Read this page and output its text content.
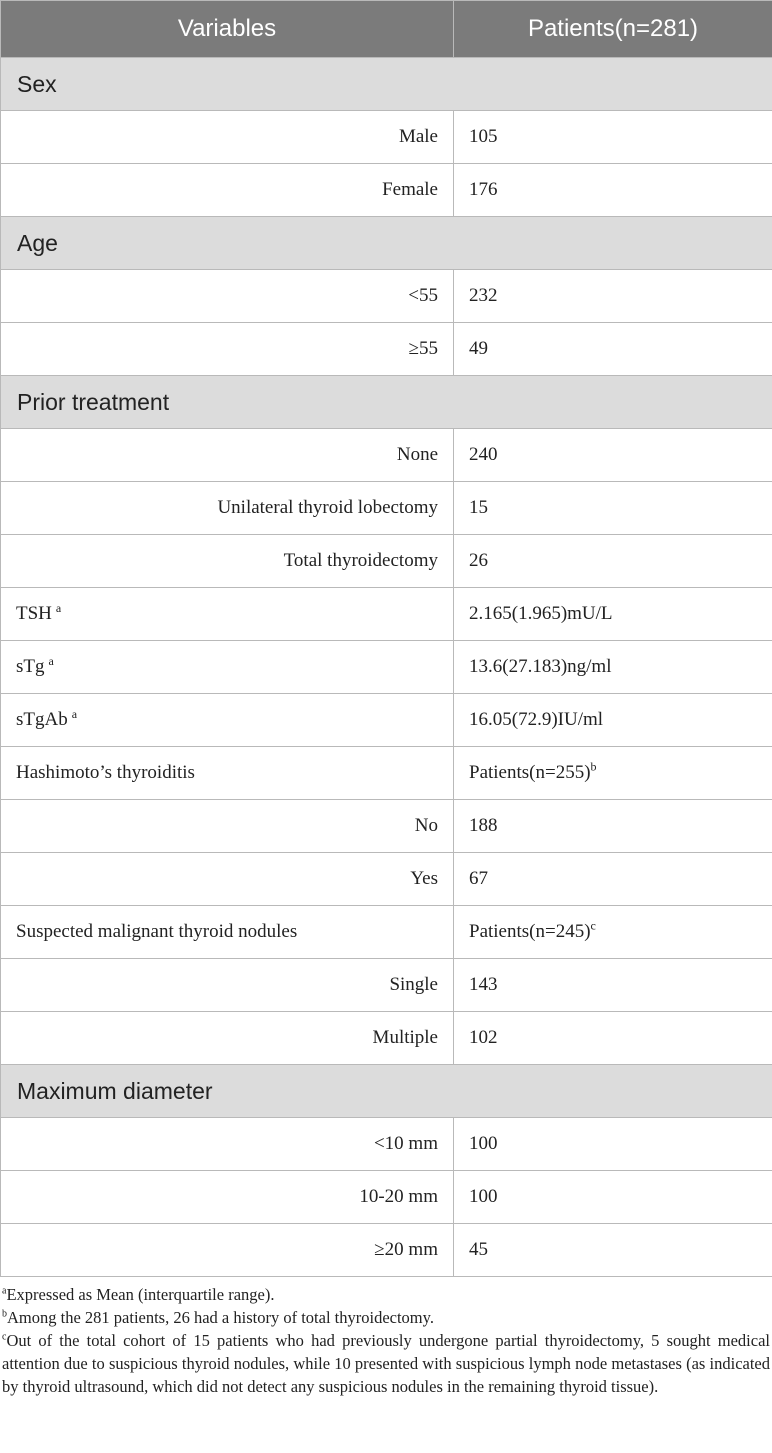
Variables	Patients(n=281)
Sex	
Male	105
Female	176
Age	
<55	232
≥55	49
Prior treatment	
None	240
Unilateral thyroid lobectomy	15
Total thyroidectomy	26
TSH $^a$	2.165(1.965)mU/L
sTg $^a$	13.6(27.183)ng/ml
sTgAb $^a$	16.05(72.9)IU/ml
Hashimoto’s thyroiditis	Patients(n=255)$^b$
No	188
Yes	67
Suspected malignant thyroid nodules	Patients(n=245)$^c$
Single	143
Multiple	102
Maximum diameter	
<10 mm	100
10-20 mm	100
≥20 mm	45

$^a$Expressed as Mean (interquartile range).

$^b$Among the 281 patients, 26 had a history of total thyroidectomy.

$^c$Out of the total cohort of 15 patients who had previously undergone partial thyroidectomy, 5 sought medical attention due to suspicious thyroid nodules, while 10 presented with suspicious lymph node metastases (as indicated by thyroid ultrasound, which did not detect any suspicious nodules in the remaining thyroid tissue).
